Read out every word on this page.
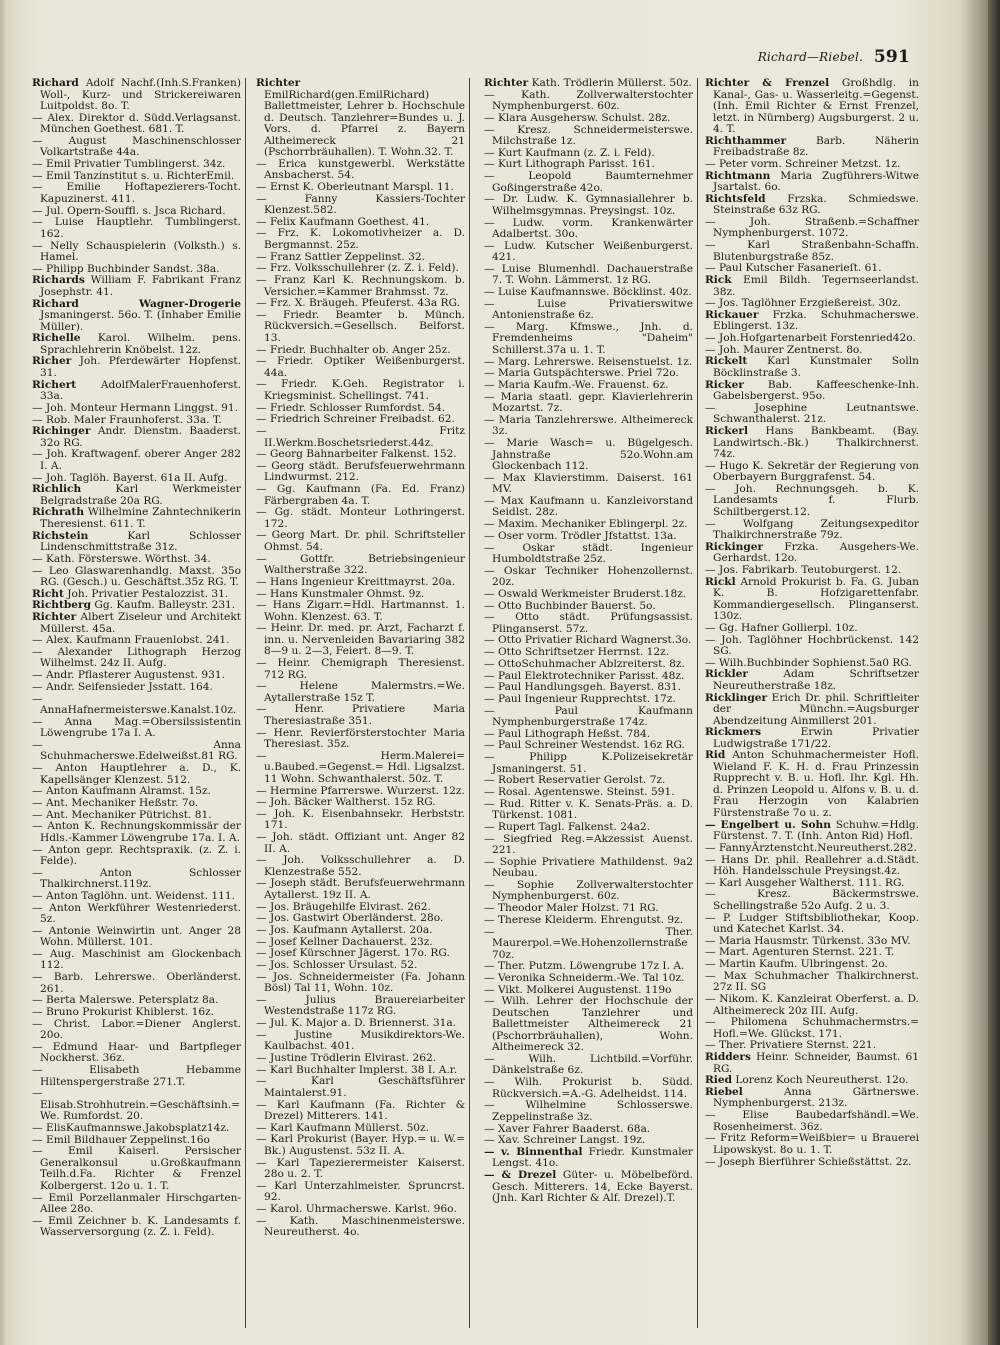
Richard—Riebel. 591
Richard Adolf Nachf.(Inh.S.Franken) Woll-, Kurz- und Strickereiwaren Luitpoldst. 8o. T.
— Alex. Direktor d. Südd.Verlagsanst. München Goethest. 681. T.
— August Maschinenschlosser Volkartstraße 44a.
— Emil Privatier Tumblingerst. 34z.
— Emil Tanzinstitut s. u. RichterEmil.
— Emilie Hoftapezierers-Tocht. Kapuzinerst. 411.
— Jul. Opern-Souffl. s. Jsca Richard.
— Luise Hauptlehr. Tumblingerst. 162.
— Nelly Schauspielerin (Volksth.) s. Hamel.
— Philipp Buchbinder Sandst. 38a.
Richards William F. Fabrikant Franz Josephstr. 41.
Richard Wagner-Drogerie Jsmaningerst. 56o. T. (Inhaber Emilie Müller).
Richelle Karol. Wilhelm. pens. Sprachlehrerin Knöbelst. 12z.
Richer Joh. Pferdewärter Hopfenst. 31.
Richert AdolfMalerFrauenhoferst. 33a.
— Joh. Monteur Hermann Linggst. 91.
— Rob. Maler Fraunhoferst. 33a. T.
Richinger Andr. Dienstm. Baaderst. 32o RG.
— Joh. Kraftwagenf. oberer Anger 282 I. A.
— Joh. Taglöh. Bayerst. 61a II. Aufg.
Richlich Karl Werkmeister Belgradstraße 20a RG.
Richrath Wilhelmine Zahntechnikerin Theresienst. 611. T.
Richstein Karl Schlosser Lindenschmittstraße 31z.
— Kath. Försterswe. Wörthst. 34.
— Leo Glaswarenhandlg. Maxst. 35o RG. (Gesch.) u. Geschäftst.35z RG. T.
Richt Joh. Privatier Pestalozzist. 31.
Richtberg Gg. Kaufm. Balleystr. 231.
Richter Albert Ziseleur und Architekt Müllerst. 45a.
— Alex. Kaufmann Frauenlobst. 241.
— Alexander Lithograph Herzog Wilhelmst. 24z II. Aufg.
— Andr. Pflasterer Augustenst. 931.
— Andr. Seifensieder Jsstatt. 164.
— AnnaHafnermeisterswe.Kanalst.10z.
— Anna Mag.=Obersilssistentin Löwengrube 17a I. A.
— Anna Schuhmacherswe.Edelweißst.81 RG.
— Anton Hauptlehrer a. D., K. Kapellsänger Klenzest. 512.
— Anton Kaufmann Alramst. 15z.
— Ant. Mechaniker Heßstr. 7o.
— Ant. Mechaniker Pütrichst. 81.
— Anton K. Rechnungskommissär der Hdls.-Kammer Löwengrube 17a. I. A.
— Anton gepr. Rechtspraxik. (z. Z. i. Felde).
— Anton Schlosser Thalkirchnerst.119z.
— Anton Taglöhn. unt. Weidenst. 111.
— Anton Werkführer Westenriederst. 5z.
— Antonie Weinwirtin unt. Anger 28 Wohn. Müllerst. 101.
— Aug. Maschinist am Glockenbach 112.
— Barb. Lehrerswe. Oberländerst. 261.
— Berta Malerswe. Petersplatz 8a.
— Bruno Prokurist Khiblerst. 16z.
— Christ. Labor.=Diener Anglerst. 20o.
— Edmund Haar- und Bartpfleger Nockherst. 36z.
— Elisabeth Hebamme Hiltenspergerstraße 271.T.
— Elisab.Strohhutrein.=Geschäftsinh.= We. Rumfordst. 20.
— ElisKaufmannswe.Jakobsplatz14z.
— Emil Bildhauer Zeppelinst.16o
— Emil Kaiserl. Persischer Generalkonsul u.Großkaufmann Teilh.d.Fa. Richter & Frenzel Kolbergerst. 12o u. 1. T.
— Emil Porzellanmaler Hirschgarten-Allee 28o.
— Emil Zeichner b. K. Landesamts f. Wasserversorgung (z. Z. i. Feld).
Richter EmilRichard(gen.EmilRichard) Ballettmeister, Lehrer b. Hochschule d. Deutsch. Tanzlehrer=Bundes u. J. Vors. d. Pfarrei z. Bayern Altheimereck 21 (Pschorrbräuhallen). T. Wohn.32. T.
— Erica kunstgewerbl. Werkstätte Ansbacherst. 54.
— Ernst K. Oberleutnant Marspl. 11.
— Fanny Kassiers-Tochter Klenzest.582.
— Felix Kaufmann Goethest. 41.
— Frz. K. Lokomotivheizer a. D. Bergmannst. 25z.
— Franz Sattler Zeppelinst. 32.
— Frz. Volksschullehrer (z. Z. i. Feld).
— Franz Karl K. Rechnungskom. b. Versicher.=Kammer Brahmsst. 7z.
— Frz. X. Bräugeh. Pfeuferst. 43a RG.
— Friedr. Beamter b. Münch. Rückversich.=Gesellsch. Belforst. 13.
— Friedr. Buchhalter ob. Anger 25z.
— Friedr. Optiker Weißenburgerst. 44a.
— Friedr. K.Geh. Registrator i. Kriegsminist. Schellingst. 741.
— Friedr. Schlosser Rumfordst. 54.
— Friedrich Schreiner Freibadst. 62.
— Fritz II.Werkm.Boschetsriederst.44z.
— Georg Bahnarbeiter Falkenst. 152.
— Georg städt. Berufsfeuerwehrmann Lindwurmst. 212.
— Gg. Kaufmann (Fa. Ed. Franz) Färbergraben 4a. T.
— Gg. städt. Monteur Lothringerst. 172.
— Georg Mart. Dr. phil. Schriftsteller Ohmst. 54.
— Gottfr. Betriebsingenieur Waltherstraße 322.
— Hans Ingenieur Kreittmayrst. 20a.
— Hans Kunstmaler Ohmst. 9z.
— Hans Zigarr.=Hdl. Hartmannst. 1. Wohn. Klenzest. 63. T.
— Heinr. Dr. med. pr. Arzt, Facharzt f. inn. u. Nervenleiden Bavariaring 382 8—9 u. 2—3, Feiert. 8—9. T.
— Heinr. Chemigraph Theresienst. 712 RG.
— Helene Malermstrs.=We. Aytallerstraße 15z T.
— Henr. Privatiere Maria Theresiastraße 351.
— Henr. Revierförsterstochter Maria Theresiast. 35z.
— Herm.Malerei= u.Baubed.=Gegenst.= Hdl. Ligsalzst. 11 Wohn. Schwanthalerst. 50z. T.
— Hermine Pfarrerswe. Wurzerst. 12z.
— Joh. Bäcker Waltherst. 15z RG.
— Joh. K. Eisenbahnsekr. Herbststr. 171.
— Joh. städt. Offiziant unt. Anger 82 II. A.
— Joh. Volksschullehrer a. D. Klenzestraße 552.
— Joseph städt. Berufsfeuerwehrmann Aytallerst. 19z II. A.
— Jos. Bräugehilfe Elvirast. 262.
— Jos. Gastwirt Oberländerst. 28o.
— Jos. Kaufmann Aytallerst. 20a.
— Josef Kellner Dachauerst. 23z.
— Josef Kürschner Jägerst. 17o. RG.
— Jos. Schlosser Ursulast. 52.
— Jos. Schneidermeister (Fa. Johann Bösl) Tal 11, Wohn. 10z.
— Julius Brauereiarbeiter Westendstraße 117z RG.
— Jul. K. Major a. D. Briennerst. 31a.
— Justine Musikdirektors-We. Kaulbachst. 401.
— Justine Trödlerin Elvirast. 262.
— Karl Buchhalter Implerst. 38 I. A.r.
— Karl Geschäftsführer Maintalerst.91.
— Karl Kaufmann (Fa. Richter & Drezel) Mitterers. 141.
— Karl Kaufmann Müllerst. 50z.
— Karl Prokurist (Bayer. Hyp.= u. W.= Bk.) Augustenst. 53z II. A.
— Karl Tapezierermeister Kaiserst. 28o u. 2. T.
— Karl Unterzahlmeister. Spruncrst. 92.
— Karol. Uhrmacherswe. Karlst. 96o.
— Kath. Maschinenmeisterswe. Neureutherst. 4o.
Richter Kath. Trödlerin Müllerst. 50z.
— Kath. Zollverwalterstochter Nymphenburgerst. 60z.
— Klara Ausgehersw. Schulst. 28z.
— Kresz. Schneidermeisterswe. Milchstraße 1z.
— Kurt Kaufmann (z. Z. i. Feld).
— Kurt Lithograph Parisst. 161.
— Leopold Baumternehmer Goßingerstraße 42o.
— Dr. Ludw. K. Gymnasiallehrer b. Wilhelmsgymnas. Preysingst. 10z.
— Ludw. vorm. Krankenwärter Adalbertst. 30o.
— Ludw. Kutscher Weißenburgerst. 421.
— Luise Blumenhdl. Dachauerstraße 7. T. Wohn. Lämmerst. 1z RG.
— Luise Kaufmannswe. Böcklinst. 40z.
— Luise Privatierswitwe Antonienstraße 6z.
— Marg. Kfmswe., Jnh. d. Fremdenheims "Daheim" Schillerst.37a u. 1. T.
— Marg. Lehrerswe. Reisenstuelst. 1z.
— Maria Gutspächterswe. Priel 72o.
— Maria Kaufm.-We. Frauenst. 6z.
— Maria staatl. gepr. Klavierlehrerin Mozartst. 7z.
— Maria Tanzlehrerswe. Altheimereck 3z.
— Marie Wasch= u. Bügelgesch. Jahnstraße 52o.Wohn.am Glockenbach 112.
— Max Klavierstimm. Daiserst. 161 MV.
— Max Kaufmann u. Kanzleivorstand Seidlst. 28z.
— Maxim. Mechaniker Eblingerpl. 2z.
— Oser vorm. Trödler Jfstattst. 13a.
— Oskar städt. Ingenieur Humboldtstraße 25z.
— Oskar Techniker Hohenzollernst. 20z.
— Oswald Werkmeister Bruderst.18z.
— Otto Buchbinder Bauerst. 5o.
— Otto städt. Prüfungsassist. Plinganserst. 57z.
— Otto Privatier Richard Wagnerst.3o.
— Otto Schriftsetzer Herrnst. 12z.
— OttoSchuhmacher Ablzreiterst. 8z.
— Paul Elektrotechniker Parisst. 48z.
— Paul Handlungsgeh. Bayerst. 831.
— Paul Ingenieur Rupprechtst. 17z.
— Paul Kaufmann Nymphenburgerstraße 174z.
— Paul Lithograph Heßst. 784.
— Paul Schreiner Westendst. 16z RG.
— Philipp K.Polizeisekretär Jsmaningerst. 51.
— Robert Reservatier Gerolst. 7z.
— Rosal. Agentenswe. Steinst. 591.
— Rud. Ritter v. K. Senats-Präs. a. D. Türkenst. 1081.
— Rupert Tagl. Falkenst. 24a2.
— Siegfried Reg.=Akzessist Auenst. 221.
— Sophie Privatiere Mathildenst. 9a2 Neubau.
— Sophie Zollverwalterstochter Nymphenburgerst. 60z.
— Theodor Maler Holzst. 71 RG.
— Therese Kleiderm. Ehrengutst. 9z.
— Ther. Maurerpol.=We.Hohenzollernstraße 70z.
— Ther. Putzm. Löwengrube 17z I. A.
— Veronika Schneiderm.-We. Tal 10z.
— Vikt. Molkerei Augustenst. 119o
— Wilh. Lehrer der Hochschule der Deutschen Tanzlehrer und Ballettmeister Altheimereck 21 (Pschorrbräuhallen), Wohn. Altheimereck 32.
— Wilh. Lichtbild.=Vorführ. Dänkelstraße 6z.
— Wilh. Prokurist b. Südd. Rückversich.=A.-G. Adelheidst. 114.
— Wilhelmine Schlosserswe. Zeppelinstraße 3z.
— Xaver Fahrer Baaderst. 68a.
— Xav. Schreiner Langst. 19z.
— v. Binnenthal Friedr. Kunstmaler Lengst. 41o.
— & Drezel Güter- u. Möbelbeförd. Gesch. Mitterers. 14, Ecke Bayerst. (Jnh. Karl Richter & Alf. Drezel).T.
Richter & Frenzel Großhdlg. in Kanal-, Gas- u. Wasserleitg.=Gegenst. (Inh. Emil Richter & Ernst Frenzel, letzt. in Nürnberg) Augsburgerst. 2 u. 4. T.
Richthammer Barb. Näherin Freibadstraße 8z.
— Peter vorm. Schreiner Metzst. 1z.
Richtmann Maria Zugführers-Witwe Jsartalst. 6o.
Richtsfeld Frzska. Schmiedswe. Steinstraße 63z RG.
— Joh. Straßenb.=Schaffner Nymphenburgerst. 1072.
— Karl Straßenbahn-Schaffn. Blutenburgstraße 85z.
— Paul Kutscher Fasanerieſt. 61.
Rick Emil Bildh. Tegernseerlandst. 38z.
— Jos. Taglöhner Erzgießereist. 30z.
Rickauer Frzka. Schuhmacherswe. Eblingerst. 13z.
— Joh.Hofgartenarbeit Forstenried42o.
— Joh. Maurer Zentnerst. 8o.
Rickelt Karl Kunstmaler Solln Böcklinstraße 3.
Ricker Bab. Kaffeeschenke-Inh. Gabelsbergerst. 95o.
— Josephine Leutnantswe. Schwanthalerst. 21z.
Rickerl Hans Bankbeamt. (Bay. Landwirtsch.-Bk.) Thalkirchnerst. 74z.
— Hugo K. Sekretär der Regierung von Oberbayern Burggrafenst. 54.
— Joh. Rechnungsgeh. b. K. Landesamts f. Flurb. Schiltbergerst.12.
— Wolfgang Zeitungsexpeditor Thalkirchnerstraße 79z.
Rickinger Frzka. Ausgehers-We. Gerhardst. 12o.
— Jos. Fabrikarb. Teutoburgerst. 12.
Rickl Arnold Prokurist b. Fa. G. Juban K. B. Hofzigarettenfabr. Kommandiergesellsch. Plinganserst. 130z.
— Gg. Hafner Gollierpl. 10z.
— Joh. Taglöhner Hochbrückenst. 142 SG.
— Wilh.Buchbinder Sophienst.5a0 RG.
Rickler Adam Schriftsetzer Neureutherstraße 18z.
Ricklinger Erich Dr. phil. Schriftleiter der Münchn.=Augsburger Abendzeitung Ainmillerst 201.
Rickmers Erwin Privatier Ludwigstraße 171/22.
Rid Anton Schuhmachermeister Hofl. Wieland F. K. H. d. Frau Prinzessin Rupprecht v. B. u. Hofl. Ihr. Kgl. Hh. d. Prinzen Leopold u. Alfons v. B. u. d. Frau Herzogin von Kalabrien Fürstenstraße 7o u. z.
— Engelbert u. Sohn Schuhw.=Hdlg. Fürstenst. 7. T. (Inh. Anton Rid) Hofl.
— FannyÄrztenstcht.Neureutherst.282.
— Hans Dr. phil. Reallehrer a.d.Städt. Höh. Handelsschule Preysingst.4z.
— Karl Ausgeher Waltherst. 111. RG.
— Kresz. Bäckermstrswe. Schellingstraße 52o Aufg. 2 u. 3.
— P. Ludger Stiftsbibliothekar, Koop. und Katechet Karlst. 34.
— Maria Hausmstr. Türkenst. 33o MV.
— Mart. Agenturen Sternst. 221. T.
— Martin Kaufm. Ulbringenst. 2o.
— Max Schuhmacher Thalkirchnerst. 27z II. SG
— Nikom. K. Kanzleirat Oberferst. a. D. Altheimereck 20z III. Aufg.
— Philomena Schuhmachermstrs.= Hofl.=We. Glückst. 171.
— Ther. Privatiere Sternst. 221.
Ridders Heinr. Schneider, Baumst. 61 RG.
Ried Lorenz Koch Neureutherst. 12o.
Riebel Anna Gärtnerswe. Nymphenburgerst. 213z.
— Elise Baubedarfshändl.=We. Rosenheimerst. 36z.
— Fritz Reform=Weißbier= u Brauerei Lipowskyst. 8o u. 1. T.
— Joseph Bierführer Schießstättst. 2z.
